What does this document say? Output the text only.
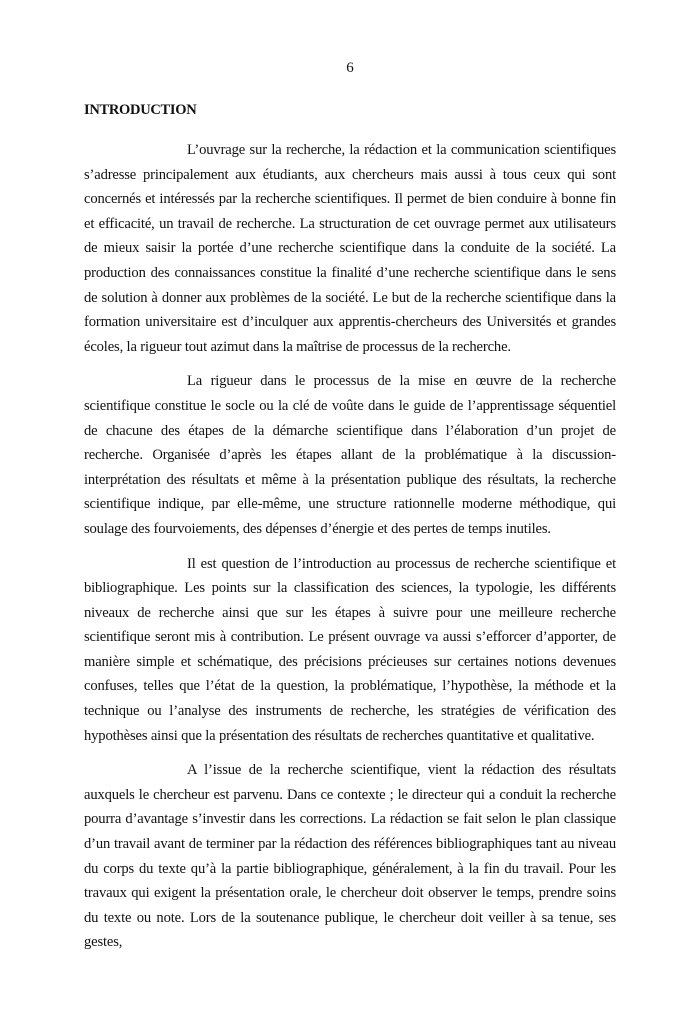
6
INTRODUCTION

L’ouvrage sur la recherche, la rédaction et la communication scientifiques s’adresse principalement aux étudiants, aux chercheurs mais aussi à tous ceux qui sont concernés et intéressés par la recherche scientifiques. Il permet de bien conduire à bonne fin et efficacité, un travail de recherche. La structuration de cet ouvrage permet aux utilisateurs de mieux saisir la portée d’une recherche scientifique dans la conduite de la société. La production des connaissances constitue la finalité d’une recherche scientifique dans le sens de solution à donner aux problèmes de la société. Le but de la recherche scientifique dans la formation universitaire est d’inculquer aux apprentis-chercheurs des Universités et grandes écoles, la rigueur tout azimut dans la maîtrise de processus de la recherche.

La rigueur dans le processus de la mise en œuvre de la recherche scientifique constitue le socle ou la clé de voûte dans le guide de l’apprentissage séquentiel de chacune des étapes de la démarche scientifique dans l’élaboration d’un projet de recherche. Organisée d’après les étapes allant de la problématique à la discussion-interprétation des résultats et même à la présentation publique des résultats, la recherche scientifique indique, par elle-même, une structure rationnelle moderne méthodique, qui soulage des fourvoiements, des dépenses d’énergie et des pertes de temps inutiles.

Il est question de l’introduction au processus de recherche scientifique et bibliographique. Les points sur la classification des sciences, la typologie, les différents niveaux de recherche ainsi que sur les étapes à suivre pour une meilleure recherche scientifique seront mis à contribution. Le présent ouvrage va aussi s’efforcer d’apporter, de manière simple et schématique, des précisions précieuses sur certaines notions devenues confuses, telles que l’état de la question, la problématique, l’hypothèse, la méthode et la technique ou l’analyse des instruments de recherche, les stratégies de vérification des hypothèses ainsi que la présentation des résultats de recherches quantitative et qualitative.

A l’issue de la recherche scientifique, vient la rédaction des résultats auxquels le chercheur est parvenu. Dans ce contexte ; le directeur qui a conduit la recherche pourra d’avantage s’investir dans les corrections. La rédaction se fait selon le plan classique d’un travail avant de terminer par la rédaction des références bibliographiques tant au niveau du corps du texte qu’à la partie bibliographique, généralement, à la fin du travail. Pour les travaux qui exigent la présentation orale, le chercheur doit observer le temps, prendre soins du texte ou note. Lors de la soutenance publique, le chercheur doit veiller à sa tenue, ses gestes,
